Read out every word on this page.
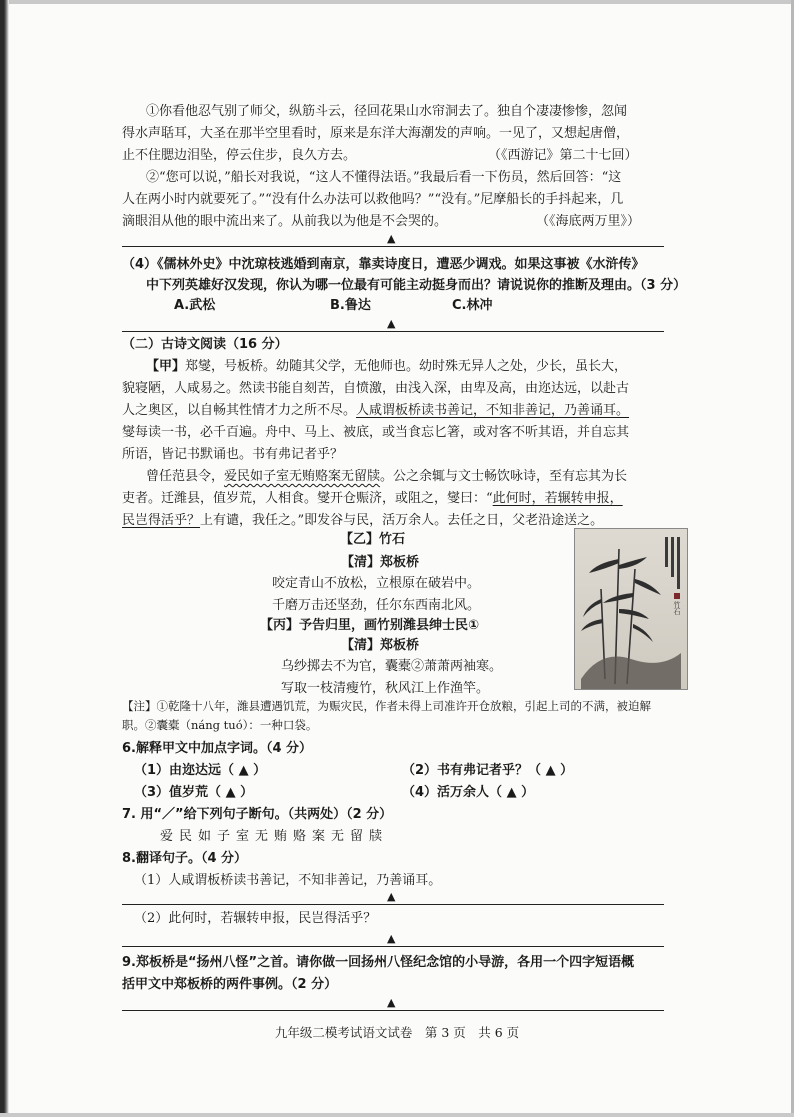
①你看他忍气别了师父，纵筋斗云，径回花果山水帘洞去了。独自个凄凄惨惨，忽闻
得水声聒耳，大圣在那半空里看时，原来是东洋大海潮发的声响。一见了，又想起唐僧，
止不住腮边泪坠，停云住步，良久方去。	（《西游记》第二十七回）
②“您可以说，”船长对我说，“这人不懂得法语。”我最后看一下伤员，然后回答：“这
人在两小时内就要死了。”“没有什么办法可以救他吗？”“没有。”尼摩船长的手抖起来，几
滴眼泪从他的眼中流出来了。从前我以为他是不会哭的。	（《海底两万里》）
▲
（4）《儒林外史》中沈琼枝逃婚到南京，靠卖诗度日，遭恶少调戏。如果这事被《水浒传》
中下列英雄好汉发现，你认为哪一位最有可能主动挺身而出？请说说你的推断及理由。（3 分）
A.武松	B.鲁达	C.林冲
▲
（二）古诗文阅读（16 分）
【甲】郑燮，号板桥。幼随其父学，无他师也。幼时殊无异人之处，少长，虽长大，
貌寝陋，人咸易之。然读书能自刻苦，自愤激，由浅入深，由卑及高，由迩达远，以赴古
人之奥区，以自畅其性情才力之所不尽。人咸谓板桥读书善记，不知非善记，乃善诵耳。
燮每读一书，必千百遍。舟中、马上、被底，或当食忘匕箸，或对客不听其语，并自忘其
所语，皆记书默诵也。书有弗记者乎？
曾任范县令，爱民如子室无贿赂案无留牍。公之余辄与文士畅饮咏诗，至有忘其为长
吏者。迁潍县，值岁荒，人相食。燮开仓赈济，或阻之，燮曰：“此何时，若辗转申报，
民岂得活乎？上有谴，我任之。”即发谷与民，活万余人。去任之日，父老沿途送之。
【乙】竹石
【清】郑板桥
咬定青山不放松，立根原在破岩中。
千磨万击还坚劲，任尔东西南北风。
【丙】予告归里，画竹别潍县绅士民①
【清】郑板桥
乌纱掷去不为官，囊橐②萧萧两袖寒。
写取一枝清瘦竹，秋风江上作渔竿。
竹石
【注】①乾隆十八年，潍县遭遇饥荒，为赈灾民，作者未得上司准许开仓放粮，引起上司的不满，被迫解
职。②囊橐（náng tuó）：一种口袋。
6.解释甲文中加点字词。（4 分）
（1）由迩达远（ ▲ ）	（2）书有弗记者乎？（ ▲ ）
（3）值岁荒（ ▲ ）	（4）活万余人（ ▲ ）
7. 用“／”给下列句子断句。（共两处）（2 分）
爱民如子室无贿赂案无留牍
8.翻译句子。（4 分）
（1）人咸谓板桥读书善记，不知非善记，乃善诵耳。
▲
（2）此何时，若辗转申报，民岂得活乎？
▲
9.郑板桥是“扬州八怪”之首。请你做一回扬州八怪纪念馆的小导游，各用一个四字短语概
括甲文中郑板桥的两件事例。（2 分）
▲
九年级二模考试语文试卷　第 3 页　共 6 页
